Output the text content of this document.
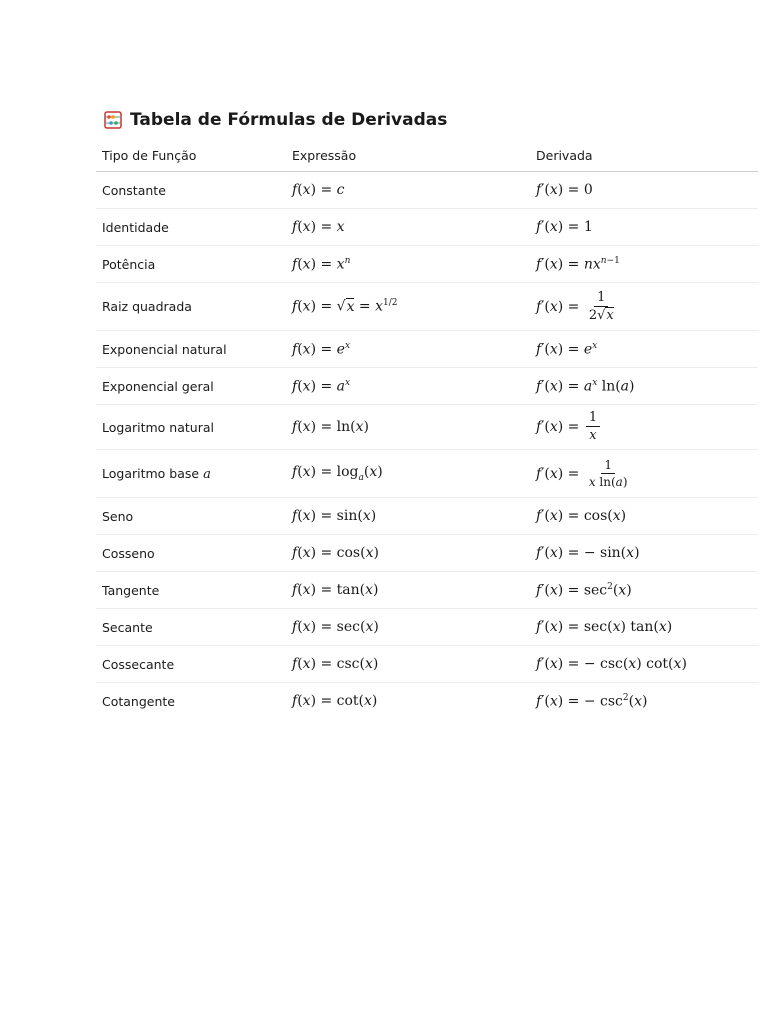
Tabela de Fórmulas de Derivadas
Tipo de Função	Expressão	Derivada
Constante	f(x) = c	f′(x) = 0
Identidade	f(x) = x	f′(x) = 1
Potência	$f(x) = x^n$	$f'(x) = nx^{n-1}$
Raiz quadrada	$f(x) = √x = x^{1/2}$	$f'(x) = \frac{1}{2√x}$

Exponencial natural	$f(x) = e^x$	$f'(x) = e^x$
Exponencial geral	$f(x) = a^x$	$f'(x) = a^x$ ln(a)
Logaritmo natural	f(x) = ln(x)	$f'(x) = \frac{1}{x}$

Logaritmo base a	$f(x) = \log_a(x)$	$f'(x) = \frac{1}{\text{x ln(a)}}$

Seno	f(x) = sin(x)	f′(x) = cos(x)
Cosseno	f(x) = cos(x)	f′(x) = − sin(x)
Tangente	f(x) = tan(x)	$f'(x) = \sec^2(x)$
Secante	f(x) = sec(x)	f′(x) = sec(x) tan(x)
Cossecante	f(x) = csc(x)	f′(x) = − csc(x) cot(x)
Cotangente	f(x) = cot(x)	f′(x) = − $\csc^2(x)$
